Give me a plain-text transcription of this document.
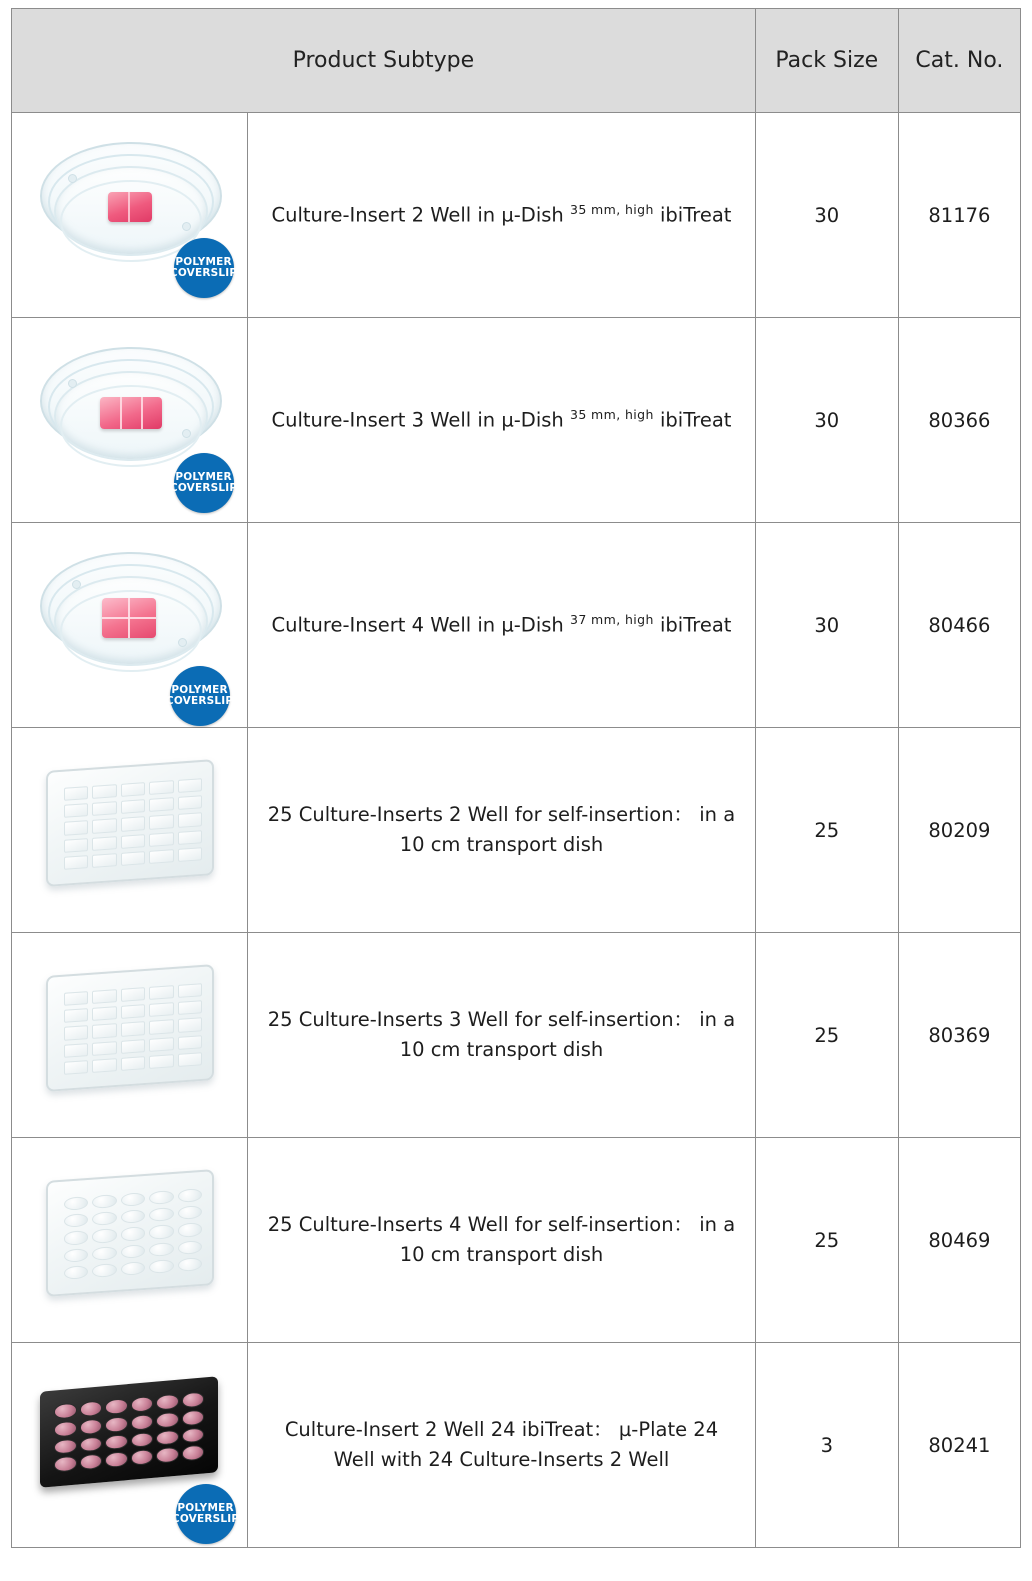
Product Subtype		Pack Size	Cat. No.

POLYMER
COVERSLIP	Culture-Insert 2 Well in µ-Dish $^{35 mm, high}$ ibiTreat	30	81176

POLYMER
COVERSLIP	Culture-Insert 3 Well in µ-Dish $^{35 mm, high}$ ibiTreat	30	80366

POLYMER
COVERSLIP	Culture-Insert 4 Well in µ-Dish $^{37 mm, high}$ ibiTreat	30	80466

	25 Culture-Inserts 2 Well for self-insertion： in a 10 cm transport dish	25	80209

	25 Culture-Inserts 3 Well for self-insertion： in a 10 cm transport dish	25	80369

	25 Culture-Inserts 4 Well for self-insertion： in a 10 cm transport dish	25	80469

POLYMER
COVERSLIP	Culture-Insert 2 Well 24 ibiTreat： µ-Plate 24 Well with 24 Culture-Inserts 2 Well	3	80241
